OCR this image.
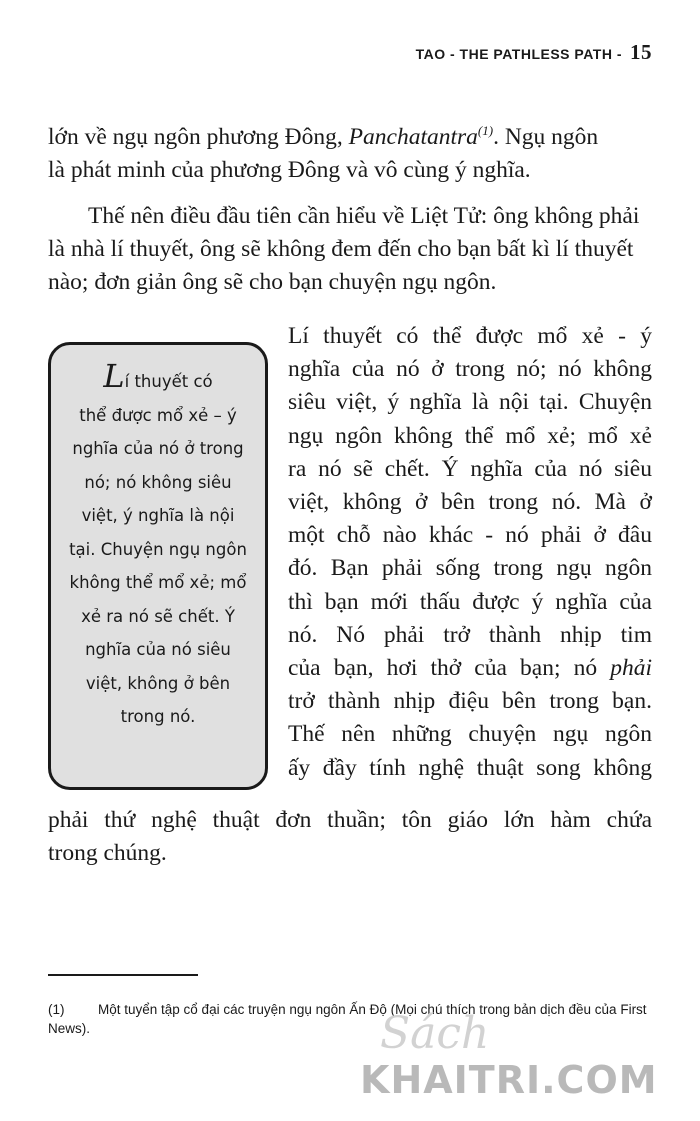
TAO - THE PATHLESS PATH - 15

lớn về ngụ ngôn phương Đông, Panchatantra$^{(1)}$. Ngụ ngôn
là phát minh của phương Đông và vô cùng ý nghĩa.

Thế nên điều đầu tiên cần hiểu về Liệt Tử: ông không phải là nhà lí thuyết, ông sẽ không đem đến cho bạn bất kì lí thuyết nào; đơn giản ông sẽ cho bạn chuyện ngụ ngôn.

Lí thuyết có thể được mổ xẻ - ý
nghĩa của nó ở trong nó; nó không
siêu việt, ý nghĩa là nội tại. Chuyện
ngụ ngôn không thể mổ xẻ; mổ xẻ
ra nó sẽ chết. Ý nghĩa của nó siêu
việt, không ở bên trong nó. Mà ở
một chỗ nào khác - nó phải ở đâu
đó. Bạn phải sống trong ngụ ngôn
thì bạn mới thấu được ý nghĩa của
nó. Nó phải trở thành nhịp tim
của bạn, hơi thở của bạn; nó phải
trở thành nhịp điệu bên trong bạn.
Thế nên những chuyện ngụ ngôn
ấy đầy tính nghệ thuật song không
phải thứ nghệ thuật đơn thuần; tôn giáo lớn hàm chứa
trong chúng.
Lí thuyết có
thể được mổ xẻ – ý
nghĩa của nó ở trong
nó; nó không siêu
việt, ý nghĩa là nội
tại. Chuyện ngụ ngôn
không thể mổ xẻ; mổ
xẻ ra nó sẽ chết. Ý
nghĩa của nó siêu
việt, không ở bên
trong nó.
(1) Một tuyển tập cổ đại các truyện ngụ ngôn Ấn Độ (Mọi chú thích trong bản dịch đều của First News).	Sách
KHAITRI.COM
